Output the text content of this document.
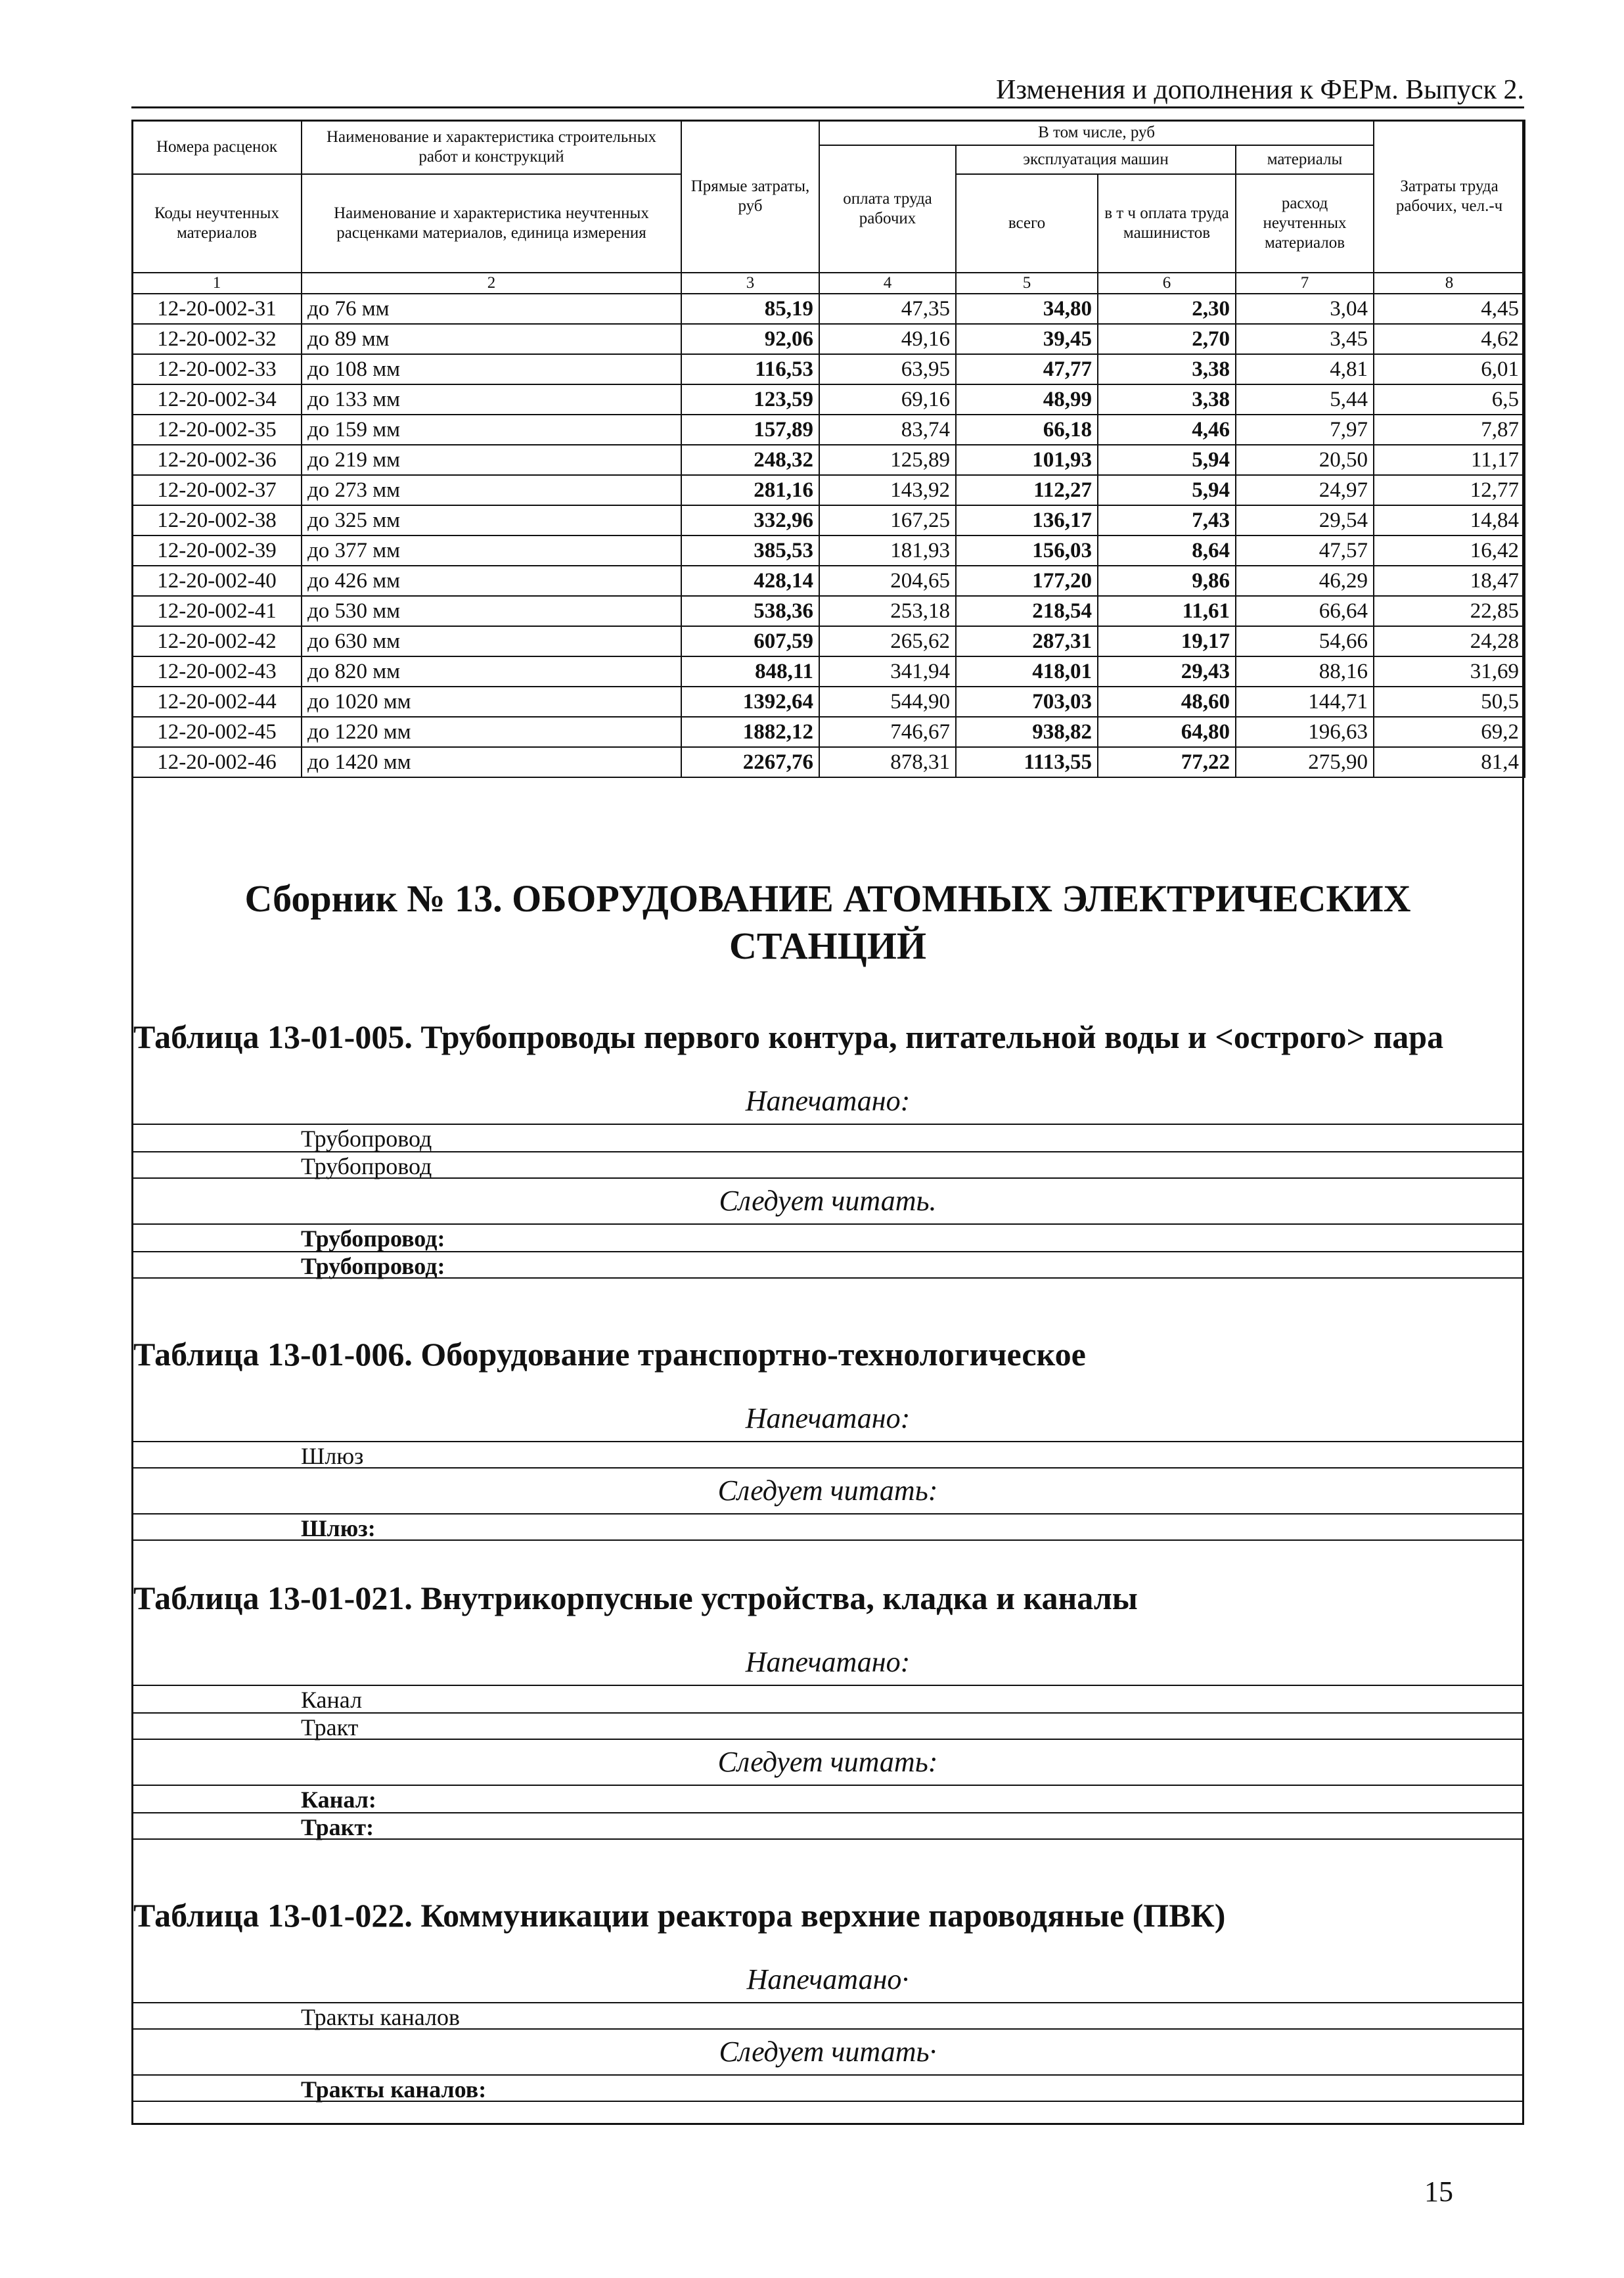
Изменения и дополнения к ФЕРм. Выпуск 2.
Номера расценок	Наименование и характеристика строительных работ и конструкций	Прямые затраты, руб	В том числе, руб				Затраты труда рабочих, чел.-ч
			оплата труда рабочих	эксплуатация машин		материалы	
Коды неучтенных материалов	Наименование и характеристика неучтенных расценками материалов, единица измерения			всего	в т ч оплата труда машинистов	расход неучтенных материалов	
1	2	3	4	5	6	7	8
12-20-002-31	до 76 мм	85,19	47,35	34,80	2,30	3,04	4,45
12-20-002-32	до 89 мм	92,06	49,16	39,45	2,70	3,45	4,62
12-20-002-33	до 108 мм	116,53	63,95	47,77	3,38	4,81	6,01
12-20-002-34	до 133 мм	123,59	69,16	48,99	3,38	5,44	6,5
12-20-002-35	до 159 мм	157,89	83,74	66,18	4,46	7,97	7,87
12-20-002-36	до 219 мм	248,32	125,89	101,93	5,94	20,50	11,17
12-20-002-37	до 273 мм	281,16	143,92	112,27	5,94	24,97	12,77
12-20-002-38	до 325 мм	332,96	167,25	136,17	7,43	29,54	14,84
12-20-002-39	до 377 мм	385,53	181,93	156,03	8,64	47,57	16,42
12-20-002-40	до 426 мм	428,14	204,65	177,20	9,86	46,29	18,47
12-20-002-41	до 530 мм	538,36	253,18	218,54	11,61	66,64	22,85
12-20-002-42	до 630 мм	607,59	265,62	287,31	19,17	54,66	24,28
12-20-002-43	до 820 мм	848,11	341,94	418,01	29,43	88,16	31,69
12-20-002-44	до 1020 мм	1392,64	544,90	703,03	48,60	144,71	50,5
12-20-002-45	до 1220 мм	1882,12	746,67	938,82	64,80	196,63	69,2
12-20-002-46	до 1420 мм	2267,76	878,31	1113,55	77,22	275,90	81,4

Сборник № 13. ОБОРУДОВАНИЕ АТОМНЫХ ЭЛЕКТРИЧЕСКИХ
СТАНЦИЙ
Таблица 13-01-005. Трубопроводы первого контура, питательной воды и <острого> пара
Напечатано:
Трубопровод
Трубопровод
Следует читать.
Трубопровод:
Трубопровод:
Таблица 13-01-006. Оборудование транспортно-технологическое
Напечатано:
Шлюз
Следует читать:
Шлюз:
Таблица 13-01-021. Внутрикорпусные устройства, кладка и каналы
Напечатано:
Канал
Тракт
Следует читать:
Канал:
Тракт:
Таблица 13-01-022. Коммуникации реактора верхние пароводяные (ПВК)
Напечатано·
Тракты каналов
Следует читать·
Тракты каналов:
15
